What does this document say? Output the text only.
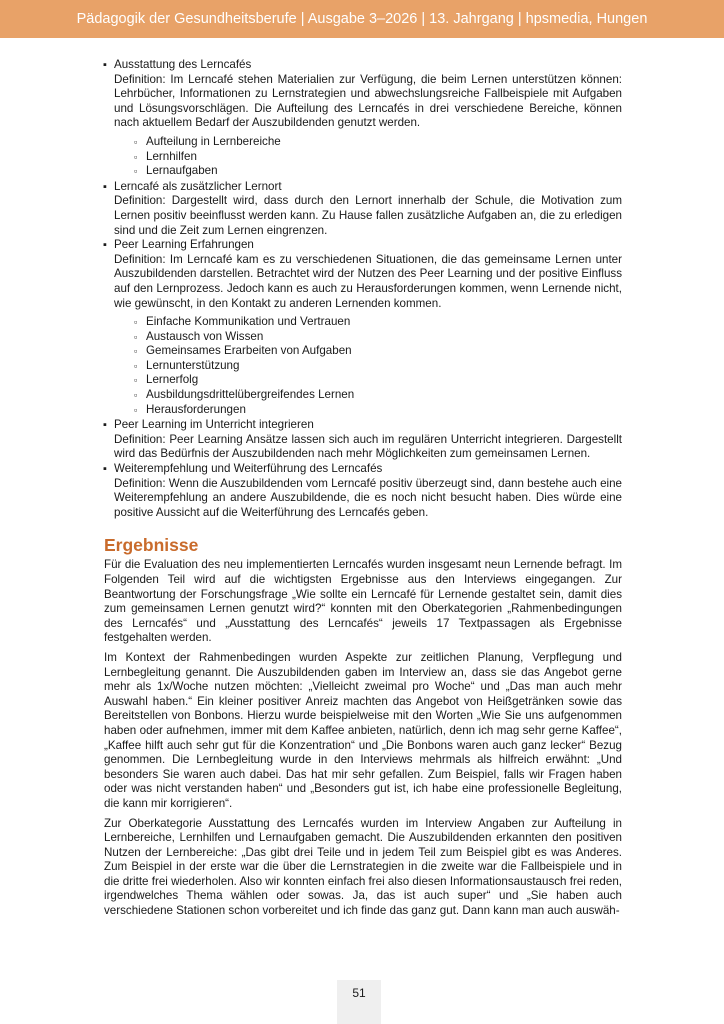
Pädagogik der Gesundheitsberufe | Ausgabe 3–2026 | 13. Jahrgang | hpsmedia, Hungen
▪ Ausstattung des Lerncafés
Definition: Im Lerncafé stehen Materialien zur Verfügung, die beim Lernen unterstützen können: Lehrbücher, Informationen zu Lernstrategien und abwechslungsreiche Fallbeispiele mit Aufgaben und Lösungsvorschlägen. Die Aufteilung des Lerncafés in drei verschiedene Bereiche, können nach aktuellem Bedarf der Auszubildenden genutzt werden.
▫ Aufteilung in Lernbereiche
▫ Lernhilfen
▫ Lernaufgaben
▪ Lerncafé als zusätzlicher Lernort
Definition: Dargestellt wird, dass durch den Lernort innerhalb der Schule, die Motivation zum Lernen positiv beeinflusst werden kann. Zu Hause fallen zusätzliche Aufgaben an, die zu erledigen sind und die Zeit zum Lernen eingrenzen.
▪ Peer Learning Erfahrungen
Definition: Im Lerncafé kam es zu verschiedenen Situationen, die das gemeinsame Lernen unter Auszubildenden darstellen. Betrachtet wird der Nutzen des Peer Learning und der positive Einfluss auf den Lernprozess. Jedoch kann es auch zu Herausforderungen kommen, wenn Lernende nicht, wie gewünscht, in den Kontakt zu anderen Lernenden kommen.
▫ Einfache Kommunikation und Vertrauen
▫ Austausch von Wissen
▫ Gemeinsames Erarbeiten von Aufgaben
▫ Lernunterstützung
▫ Lernerfolg
▫ Ausbildungsdrittelübergreifendes Lernen
▫ Herausforderungen
▪ Peer Learning im Unterricht integrieren
Definition: Peer Learning Ansätze lassen sich auch im regulären Unterricht integrieren. Dargestellt wird das Bedürfnis der Auszubildenden nach mehr Möglichkeiten zum gemeinsamen Lernen.
▪ Weiterempfehlung und Weiterführung des Lerncafés
Definition: Wenn die Auszubildenden vom Lerncafé positiv überzeugt sind, dann bestehe auch eine Weiterempfehlung an andere Auszubildende, die es noch nicht besucht haben. Dies würde eine positive Aussicht auf die Weiterführung des Lerncafés geben.
Ergebnisse

Für die Evaluation des neu implementierten Lerncafés wurden insgesamt neun Lernende befragt. Im Folgenden Teil wird auf die wichtigsten Ergebnisse aus den Interviews eingegangen. Zur Beantwortung der Forschungsfrage „Wie sollte ein Lerncafé für Lernende gestaltet sein, damit dies zum gemeinsamen Lernen genutzt wird?“ konnten mit den Oberkategorien „Rahmenbedingungen des Lerncafés“ und „Ausstattung des Lerncafés“ jeweils 17 Textpassagen als Ergebnisse festgehalten werden.

Im Kontext der Rahmenbedingen wurden Aspekte zur zeitlichen Planung, Verpflegung und Lernbegleitung genannt. Die Auszubildenden gaben im Interview an, dass sie das Angebot gerne mehr als 1x/Woche nutzen möchten: „Vielleicht zweimal pro Woche“ und „Das man auch mehr Auswahl haben.“ Ein kleiner positiver Anreiz machten das Angebot von Heißgetränken sowie das Bereitstellen von Bonbons. Hierzu wurde beispielweise mit den Worten „Wie Sie uns aufgenommen haben oder aufnehmen, immer mit dem Kaffee anbieten, natürlich, denn ich mag sehr gerne Kaffee“, „Kaffee hilft auch sehr gut für die Konzentration“ und „Die Bonbons waren auch ganz lecker“ Bezug genommen. Die Lernbegleitung wurde in den Interviews mehrmals als hilfreich erwähnt: „Und besonders Sie waren auch dabei. Das hat mir sehr gefallen. Zum Beispiel, falls wir Fragen haben oder was nicht verstanden haben“ und „Besonders gut ist, ich habe eine professionelle Begleitung, die kann mir korrigieren“.

Zur Oberkategorie Ausstattung des Lerncafés wurden im Interview Angaben zur Aufteilung in Lernbereiche, Lernhilfen und Lernaufgaben gemacht. Die Auszubildenden erkannten den positiven Nutzen der Lernbereiche: „Das gibt drei Teile und in jedem Teil zum Beispiel gibt es was Anderes. Zum Beispiel in der erste war die über die Lernstrategien in die zweite war die Fallbeispiele und in die dritte frei wiederholen. Also wir konnten einfach frei also diesen Informationsaustausch frei reden, irgendwelches Thema wählen oder sowas. Ja, das ist auch super“ und „Sie haben auch verschiedene Stationen schon vorbereitet und ich finde das ganz gut. Dann kann man auch auswäh-

51
